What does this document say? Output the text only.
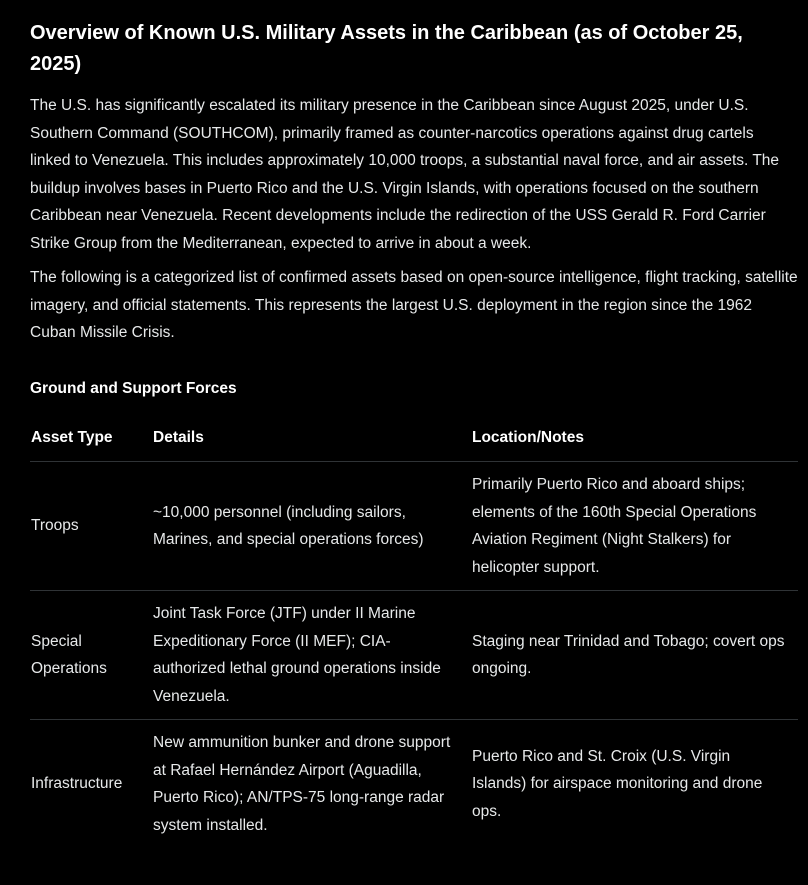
Overview of Known U.S. Military Assets in the Caribbean (as of October 25, 2025)

The U.S. has significantly escalated its military presence in the Caribbean since August 2025, under U.S. Southern Command (SOUTHCOM), primarily framed as counter-narcotics operations against drug cartels linked to Venezuela. This includes approximately 10,000 troops, a substantial naval force, and air assets. The buildup involves bases in Puerto Rico and the U.S. Virgin Islands, with operations focused on the southern Caribbean near Venezuela. Recent developments include the redirection of the USS Gerald R. Ford Carrier Strike Group from the Mediterranean, expected to arrive in about a week.

The following is a categorized list of confirmed assets based on open-source intelligence, flight tracking, satellite imagery, and official statements. This represents the largest U.S. deployment in the region since the 1962 Cuban Missile Crisis.

Ground and Support Forces
Asset Type	Details	Location/Notes
Troops	~10,000 personnel (including sailors, Marines, and special operations forces)	Primarily Puerto Rico and aboard ships; elements of the 160th Special Operations Aviation Regiment (Night Stalkers) for helicopter support.
Special Operations	Joint Task Force (JTF) under II Marine Expeditionary Force (II MEF); CIA-authorized lethal ground operations inside Venezuela.	Staging near Trinidad and Tobago; covert ops ongoing.
Infrastructure	New ammunition bunker and drone support at Rafael Hernández Airport (Aguadilla, Puerto Rico); AN/TPS-75 long-range radar system installed.	Puerto Rico and St. Croix (U.S. Virgin Islands) for airspace monitoring and drone ops.
